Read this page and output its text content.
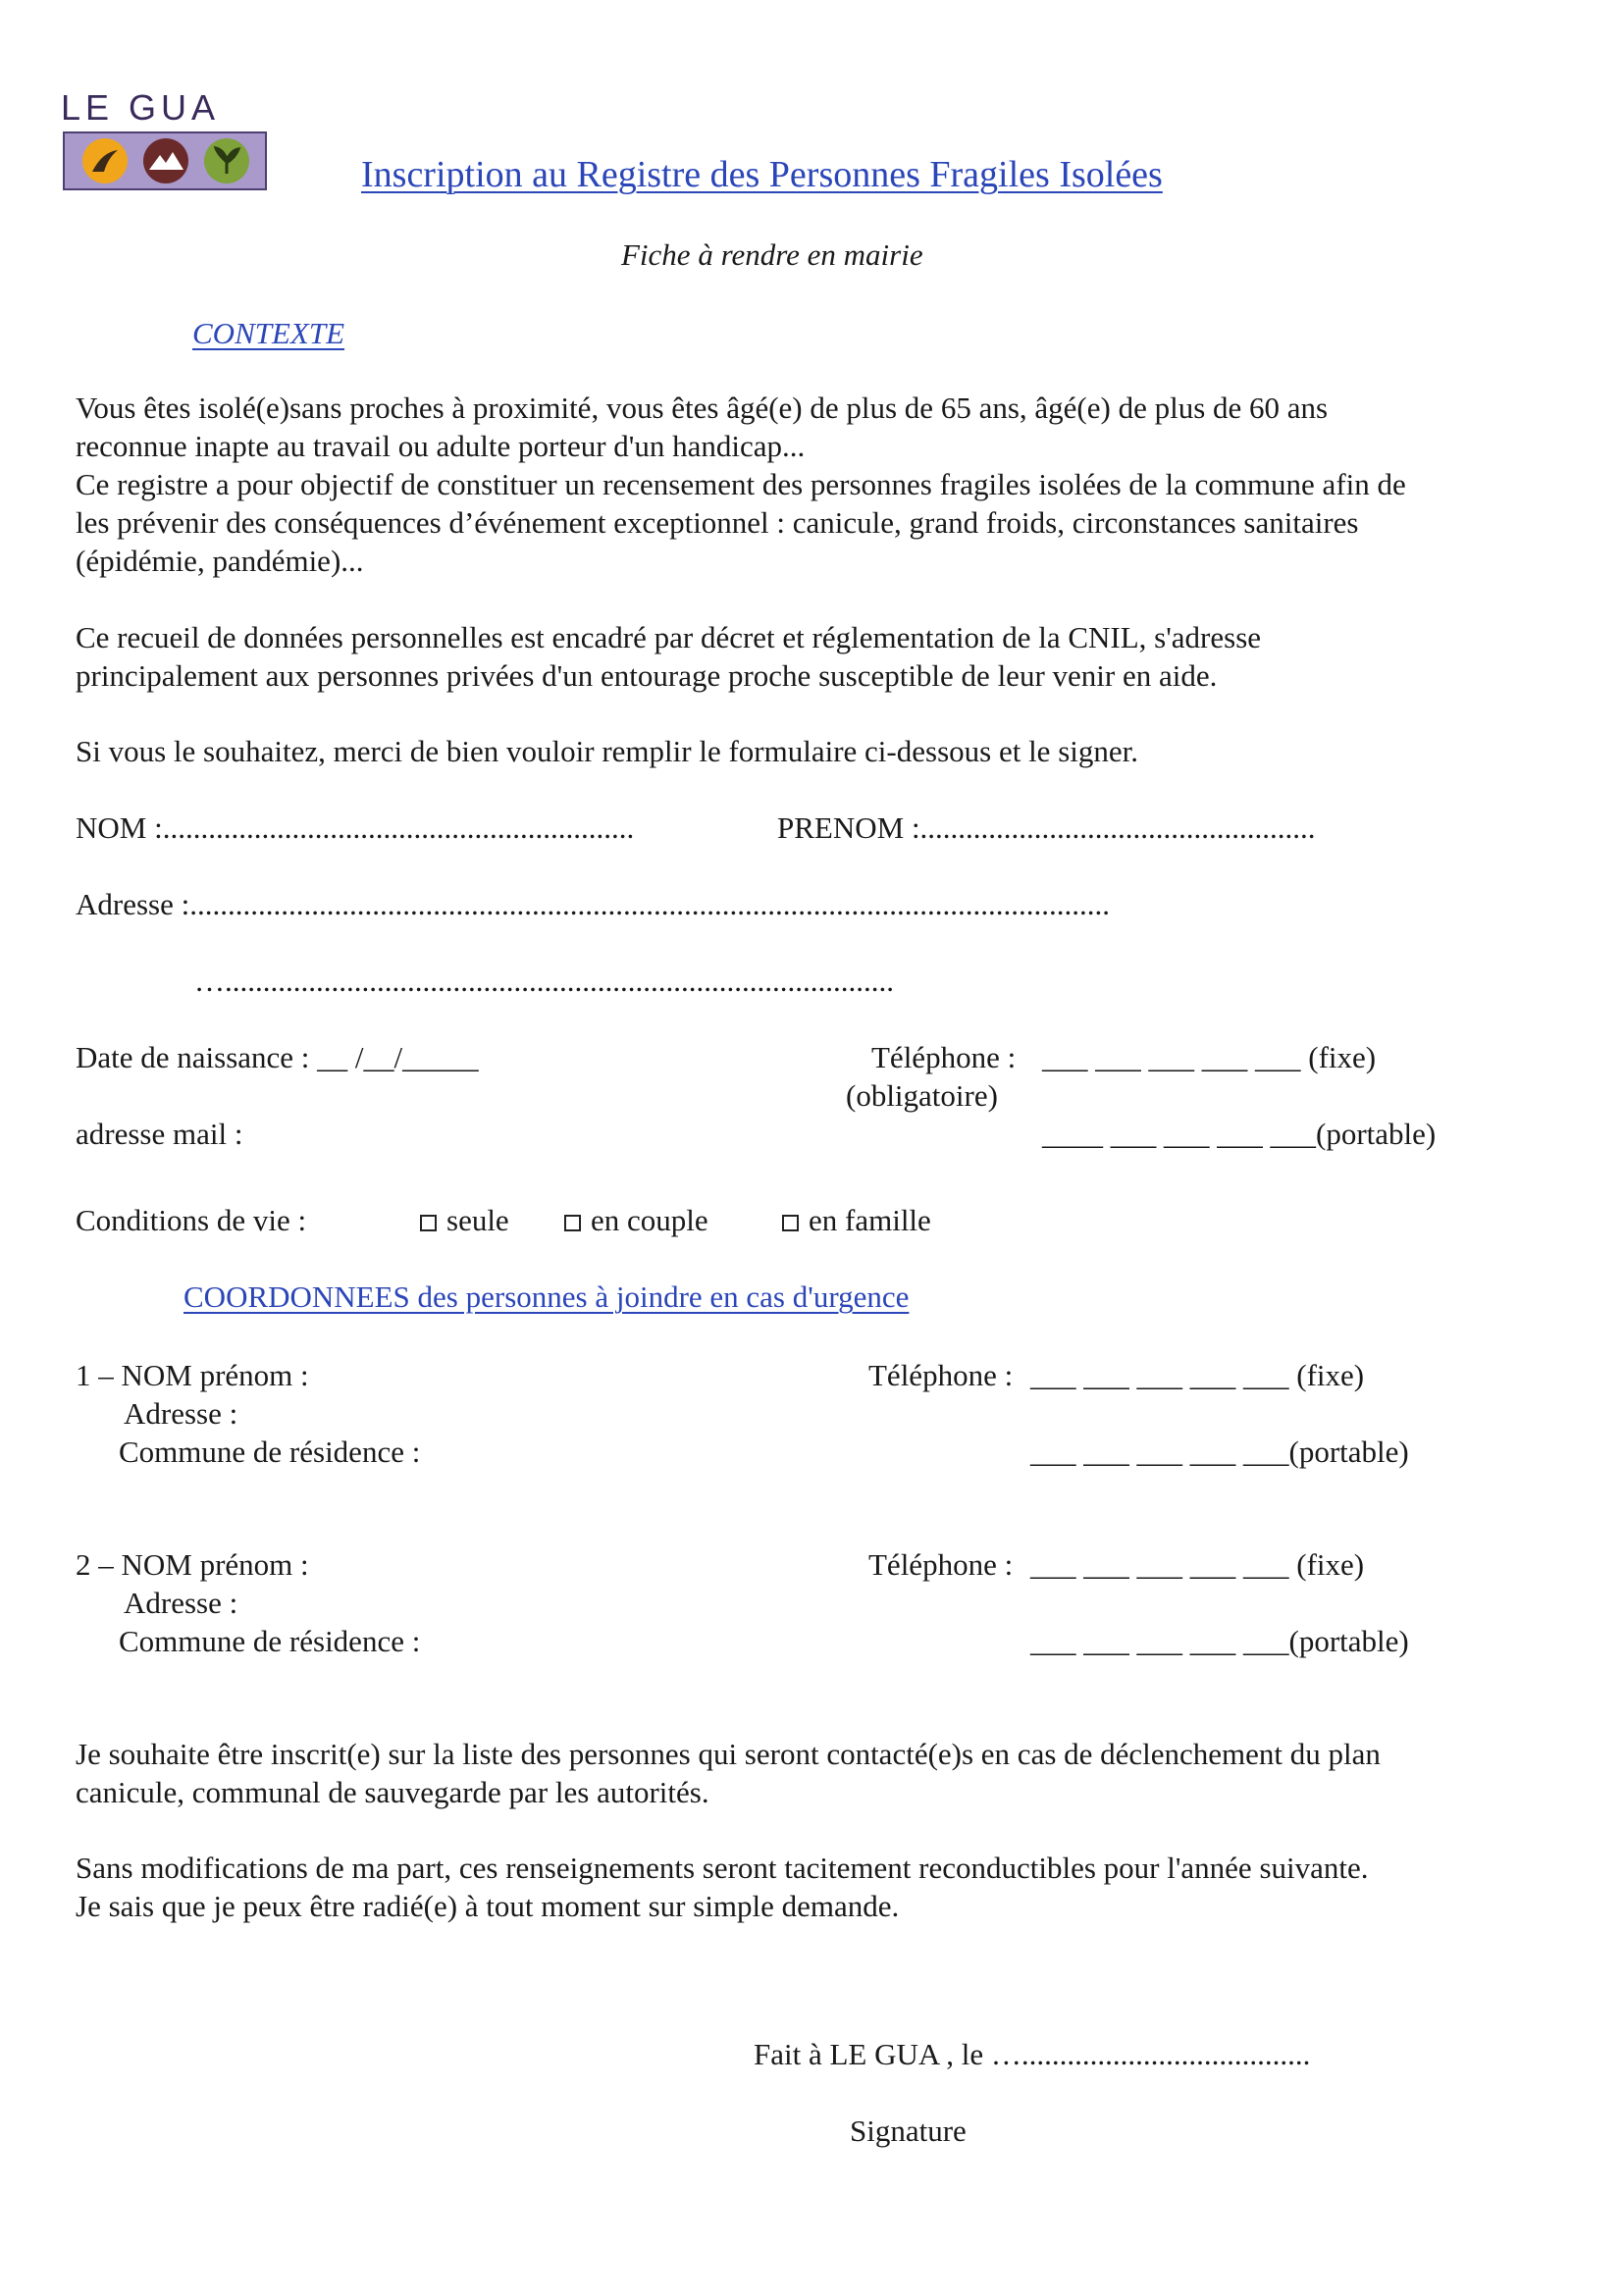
LE GUA
Inscription au Registre des Personnes Fragiles Isolées
Fiche à rendre en mairie
CONTEXTE
Vous êtes isolé(e)sans proches à proximité, vous êtes âgé(e) de plus de 65 ans, âgé(e) de plus de 60 ans
reconnue inapte au travail ou adulte porteur d'un handicap...
Ce registre a pour objectif de constituer un recensement des personnes fragiles isolées de la commune afin de
les prévenir des conséquences d’événement exceptionnel : canicule, grand froids, circonstances sanitaires
(épidémie, pandémie)...
Ce recueil de données personnelles est encadré par décret et réglementation de la CNIL, s'adresse
principalement aux personnes privées d'un entourage proche susceptible de leur venir en aide.
Si vous le souhaitez, merci de bien vouloir remplir le formulaire ci-dessous et le signer.
NOM :..............................................................	PRENOM :....................................................
Adresse :.........................................................................................................................
…........................................................................................
Date de naissance : __ /__/_____	Téléphone : ___ ___ ___ ___ ___ (fixe)
(obligatoire)
adresse mail :	____ ___ ___ ___ ___(portable)
Conditions de vie :	seule	en couple	en famille
COORDONNEES des personnes à joindre en cas d'urgence
1 – NOM prénom :
Adresse :
Commune de résidence :
Téléphone : ___ ___ ___ ___ ___ (fixe)
___ ___ ___ ___ ___(portable)
2 – NOM prénom :
Adresse :
Commune de résidence :
Téléphone : ___ ___ ___ ___ ___ (fixe)
___ ___ ___ ___ ___(portable)
Je souhaite être inscrit(e) sur la liste des personnes qui seront contacté(e)s en cas de déclenchement du plan
canicule, communal de sauvegarde par les autorités.
Sans modifications de ma part, ces renseignements seront tacitement reconductibles pour l'année suivante.
Je sais que je peux être radié(e) à tout moment sur simple demande.
Fait à LE GUA , le …......................................
Signature
